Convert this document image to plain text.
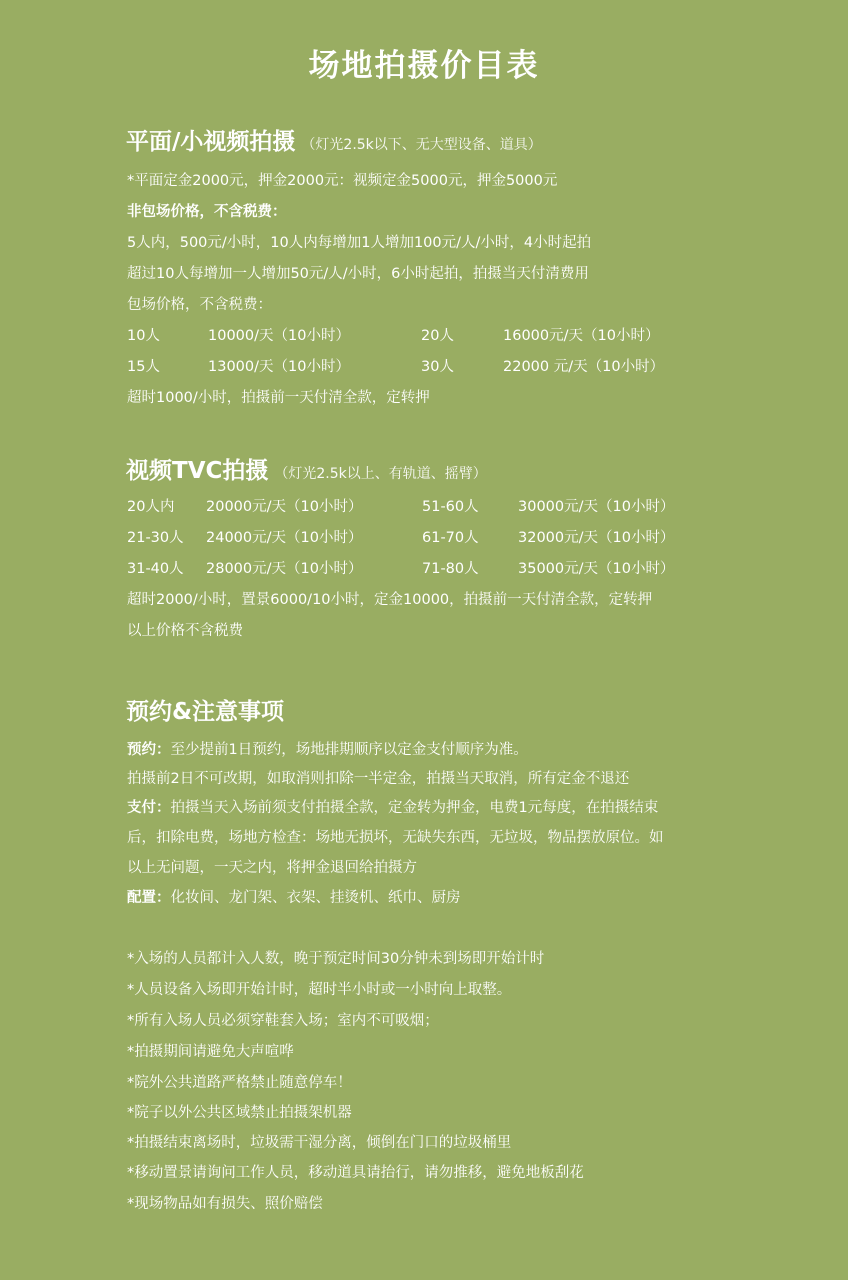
场地拍摄价目表
平面/小视频拍摄 （灯光2.5k以下、无大型设备、道具）
*平面定金2000元，押金2000元：视频定金5000元，押金5000元
非包场价格，不含税费：
5人内，500元/小时，10人内每增加1人增加100元/人/小时，4小时起拍
超过10人每增加一人增加50元/人/小时，6小时起拍，拍摄当天付清费用
包场价格，不含税费：
10人	10000/天（10小时）	20人	16000元/天（10小时）
15人	13000/天（10小时）	30人	22000 元/天（10小时）
超时1000/小时，拍摄前一天付清全款，定转押
视频TVC拍摄 （灯光2.5k以上、有轨道、摇臂）
20人内 20000元/天（10小时）	51-60人	30000元/天（10小时）
21-30人 24000元/天（10小时）	61-70人	32000元/天（10小时）
31-40人 28000元/天（10小时）	71-80人	35000元/天（10小时）
超时2000/小时，置景6000/10小时，定金10000，拍摄前一天付清全款，定转押
以上价格不含税费
预约&注意事项
预约：至少提前1日预约，场地排期顺序以定金支付顺序为准。
拍摄前2日不可改期，如取消则扣除一半定金，拍摄当天取消，所有定金不退还
支付：拍摄当天入场前须支付拍摄全款，定金转为押金，电费1元每度，在拍摄结束
后，扣除电费，场地方检查：场地无损坏，无缺失东西，无垃圾，物品摆放原位。如
以上无问题，一天之内，将押金退回给拍摄方
配置：化妆间、龙门架、衣架、挂烫机、纸巾、厨房
*入场的人员都计入人数，晚于预定时间30分钟未到场即开始计时
*人员设备入场即开始计时，超时半小时或一小时向上取整。
*所有入场人员必须穿鞋套入场；室内不可吸烟；
*拍摄期间请避免大声喧哗
*院外公共道路严格禁止随意停车！
*院子以外公共区域禁止拍摄架机器
*拍摄结束离场时，垃圾需干湿分离，倾倒在门口的垃圾桶里
*移动置景请询问工作人员，移动道具请抬行，请勿推移，避免地板刮花
*现场物品如有损失、照价赔偿
